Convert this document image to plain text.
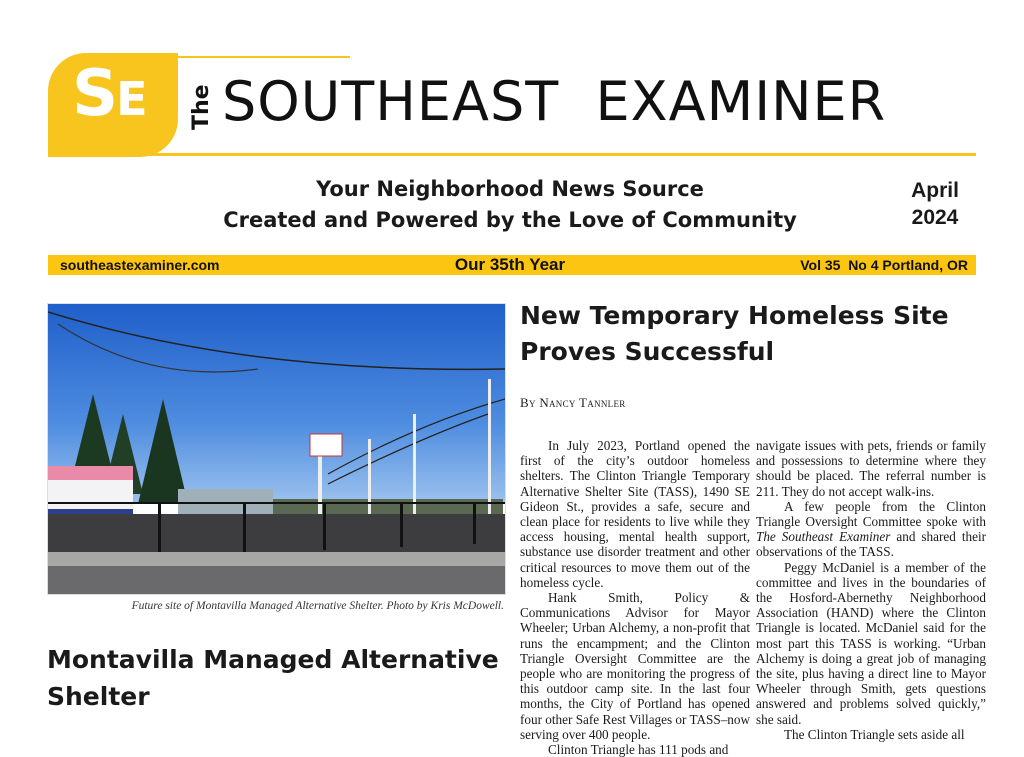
SE The SOUTHEAST  EXAMINER
Your Neighborhood News Source
Created and Powered by the Love of Community
April
2024
southeastexaminer.com	Our 35th Year	Vol 35  No 4 Portland, OR
Future site of Montavilla Managed Alternative Shelter. Photo by Kris McDowell.
Montavilla Managed Alternative Shelter
New Temporary Homeless Site Proves Successful
By Nancy Tannler

In July 2023, Portland opened the first of the city’s outdoor homeless shelters. The Clinton Triangle Temporary Alternative Shelter Site (TASS), 1490 SE Gideon St., provides a safe, secure and clean place for residents to live while they access housing, mental health support, substance use disorder treatment and other critical resources to move them out of the homeless cycle.

Hank Smith, Policy & Communications Advisor for Mayor Wheeler; Urban Alchemy, a non-profit that runs the encampment; and the Clinton Triangle Oversight Committee are the people who are monitoring the progress of this outdoor camp site. In the last four months, the City of Portland has opened four other Safe Rest Villages or TASS–now serving over 400 people.

Clinton Triangle has 111 pods and

navigate issues with pets, friends or family and possessions to determine where they should be placed. The referral number is 211. They do not accept walk-ins.

A few people from the Clinton Triangle Oversight Committee spoke with The Southeast Examiner and shared their observations of the TASS.

Peggy McDaniel is a member of the committee and lives in the boundaries of the Hosford-Abernethy Neighborhood Association (HAND) where the Clinton Triangle is located. McDaniel said for the most part this TASS is working. “Urban Alchemy is doing a great job of managing the site, plus having a direct line to Mayor Wheeler through Smith, gets questions answered and problems solved quickly,” she said.

The Clinton Triangle sets aside all
